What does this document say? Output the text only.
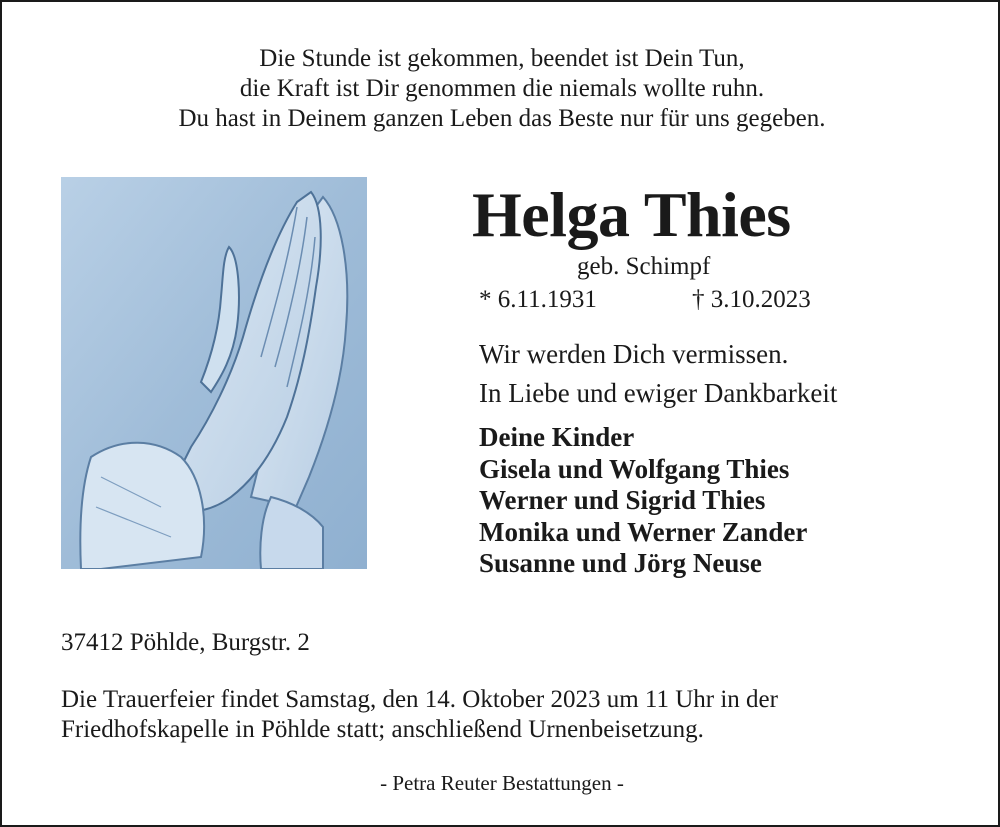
Die Stunde ist gekommen, beendet ist Dein Tun,
die Kraft ist Dir genommen die niemals wollte ruhn.
Du hast in Deinem ganzen Leben das Beste nur für uns gegeben.
Helga Thies
geb. Schimpf
* 6.11.1931	† 3.10.2023
Wir werden Dich vermissen.
In Liebe und ewiger Dankbarkeit
Deine Kinder
Gisela und Wolfgang Thies
Werner und Sigrid Thies
Monika und Werner Zander
Susanne und Jörg Neuse
37412 Pöhlde, Burgstr. 2
Die Trauerfeier findet Samstag, den 14. Oktober 2023 um 11 Uhr in der
Friedhofskapelle in Pöhlde statt; anschließend Urnenbeisetzung.
- Petra Reuter Bestattungen -
